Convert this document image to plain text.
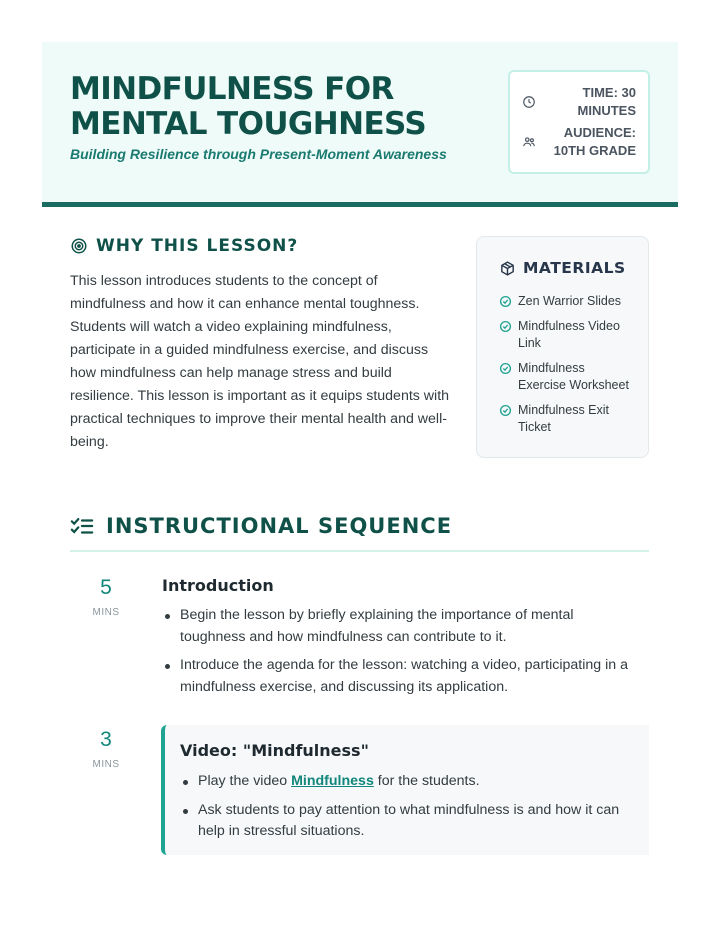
MINDFULNESS FOR MENTAL TOUGHNESS
Building Resilience through Present-Moment Awareness
TIME: 30
MINUTES
AUDIENCE:
10TH GRADE
WHY THIS LESSON?

This lesson introduces students to the concept of mindfulness and how it can enhance mental toughness. Students will watch a video explaining mindfulness, participate in a guided mindfulness exercise, and discuss how mindfulness can help manage stress and build resilience. This lesson is important as it equips students with practical techniques to improve their mental health and well-being.

MATERIALS
Zen Warrior Slides
Mindfulness Video Link
Mindfulness Exercise Worksheet
Mindfulness Exit Ticket
INSTRUCTIONAL SEQUENCE
5
MINS
Introduction
Begin the lesson by briefly explaining the importance of mental toughness and how mindfulness can contribute to it.
Introduce the agenda for the lesson: watching a video, participating in a mindfulness exercise, and discussing its application.
3
MINS
Video: "Mindfulness"
Play the video Mindfulness for the students.
Ask students to pay attention to what mindfulness is and how it can help in stressful situations.
